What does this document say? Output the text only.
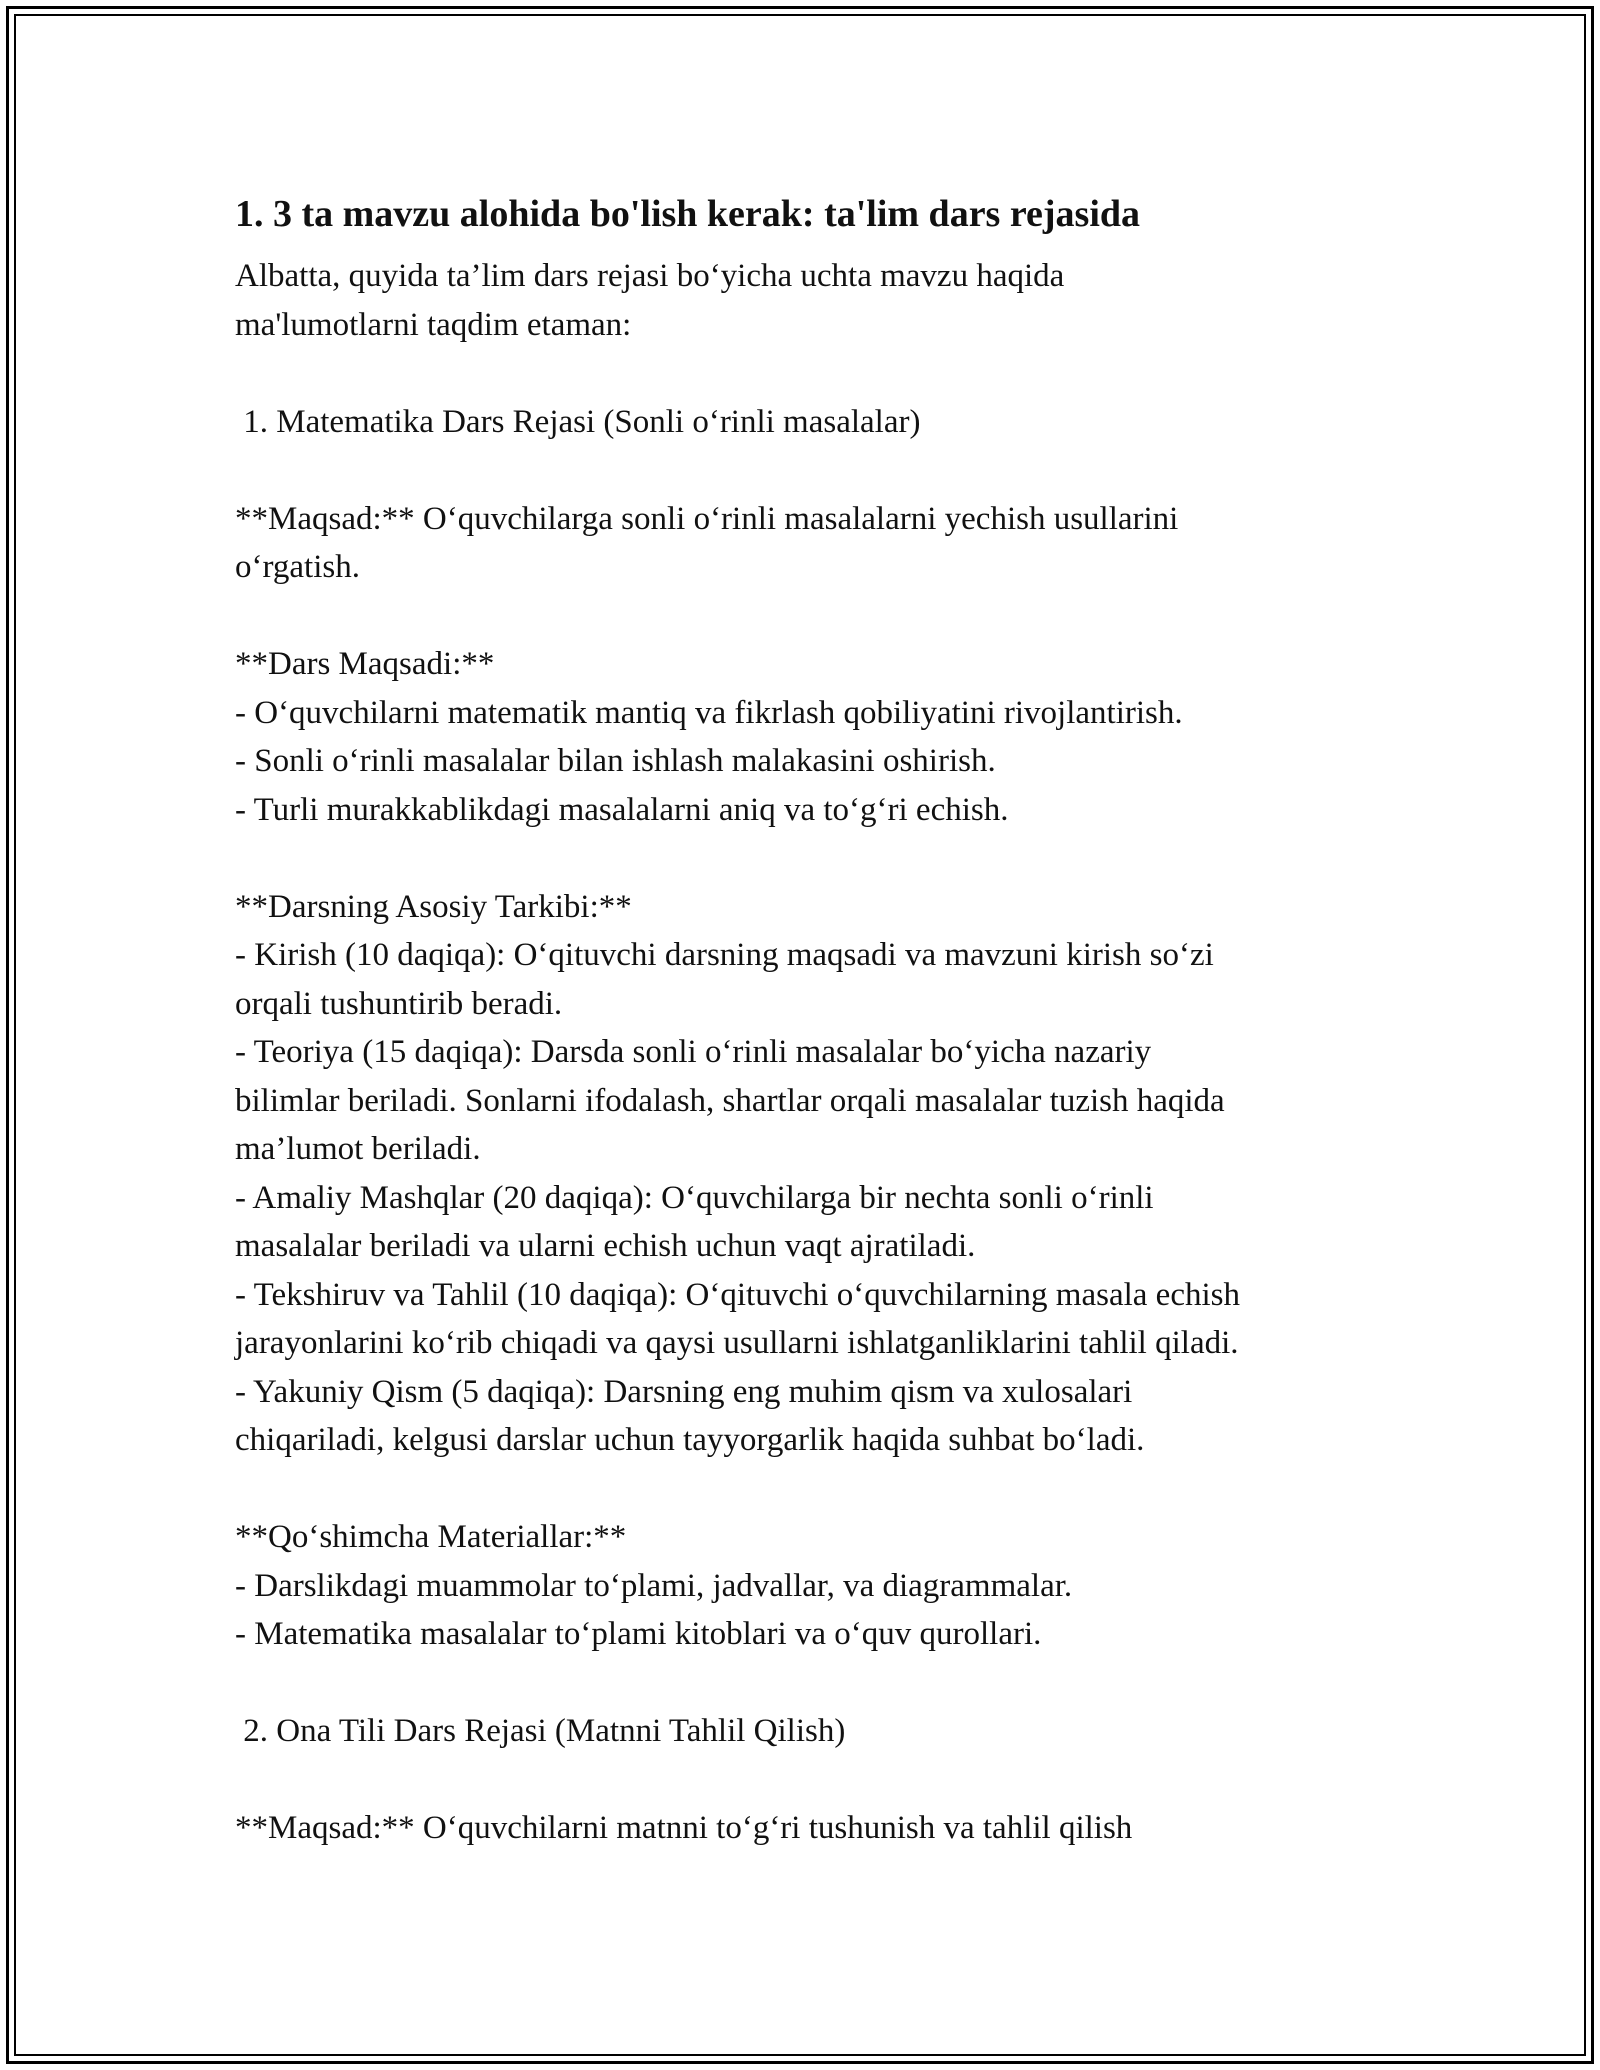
1. 3 ta mavzu alohida bo'lish kerak: ta'lim dars rejasida

Albatta, quyida ta’lim dars rejasi bo‘yicha uchta mavzu haqida
ma'lumotlarni taqdim etaman:

1. Matematika Dars Rejasi (Sonli o‘rinli masalalar)

**Maqsad:** O‘quvchilarga sonli o‘rinli masalalarni yechish usullarini
o‘rgatish.

**Dars Maqsadi:**
- O‘quvchilarni matematik mantiq va fikrlash qobiliyatini rivojlantirish.
- Sonli o‘rinli masalalar bilan ishlash malakasini oshirish.
- Turli murakkablikdagi masalalarni aniq va to‘g‘ri echish.

**Darsning Asosiy Tarkibi:**
- Kirish (10 daqiqa): O‘qituvchi darsning maqsadi va mavzuni kirish so‘zi
orqali tushuntirib beradi.
- Teoriya (15 daqiqa): Darsda sonli o‘rinli masalalar bo‘yicha nazariy
bilimlar beriladi. Sonlarni ifodalash, shartlar orqali masalalar tuzish haqida
ma’lumot beriladi.
- Amaliy Mashqlar (20 daqiqa): O‘quvchilarga bir nechta sonli o‘rinli
masalalar beriladi va ularni echish uchun vaqt ajratiladi.
- Tekshiruv va Tahlil (10 daqiqa): O‘qituvchi o‘quvchilarning masala echish
jarayonlarini ko‘rib chiqadi va qaysi usullarni ishlatganliklarini tahlil qiladi.
- Yakuniy Qism (5 daqiqa): Darsning eng muhim qism va xulosalari
chiqariladi, kelgusi darslar uchun tayyorgarlik haqida suhbat bo‘ladi.

**Qo‘shimcha Materiallar:**
- Darslikdagi muammolar to‘plami, jadvallar, va diagrammalar.
- Matematika masalalar to‘plami kitoblari va o‘quv qurollari.

2. Ona Tili Dars Rejasi (Matnni Tahlil Qilish)

**Maqsad:** O‘quvchilarni matnni to‘g‘ri tushunish va tahlil qilish
